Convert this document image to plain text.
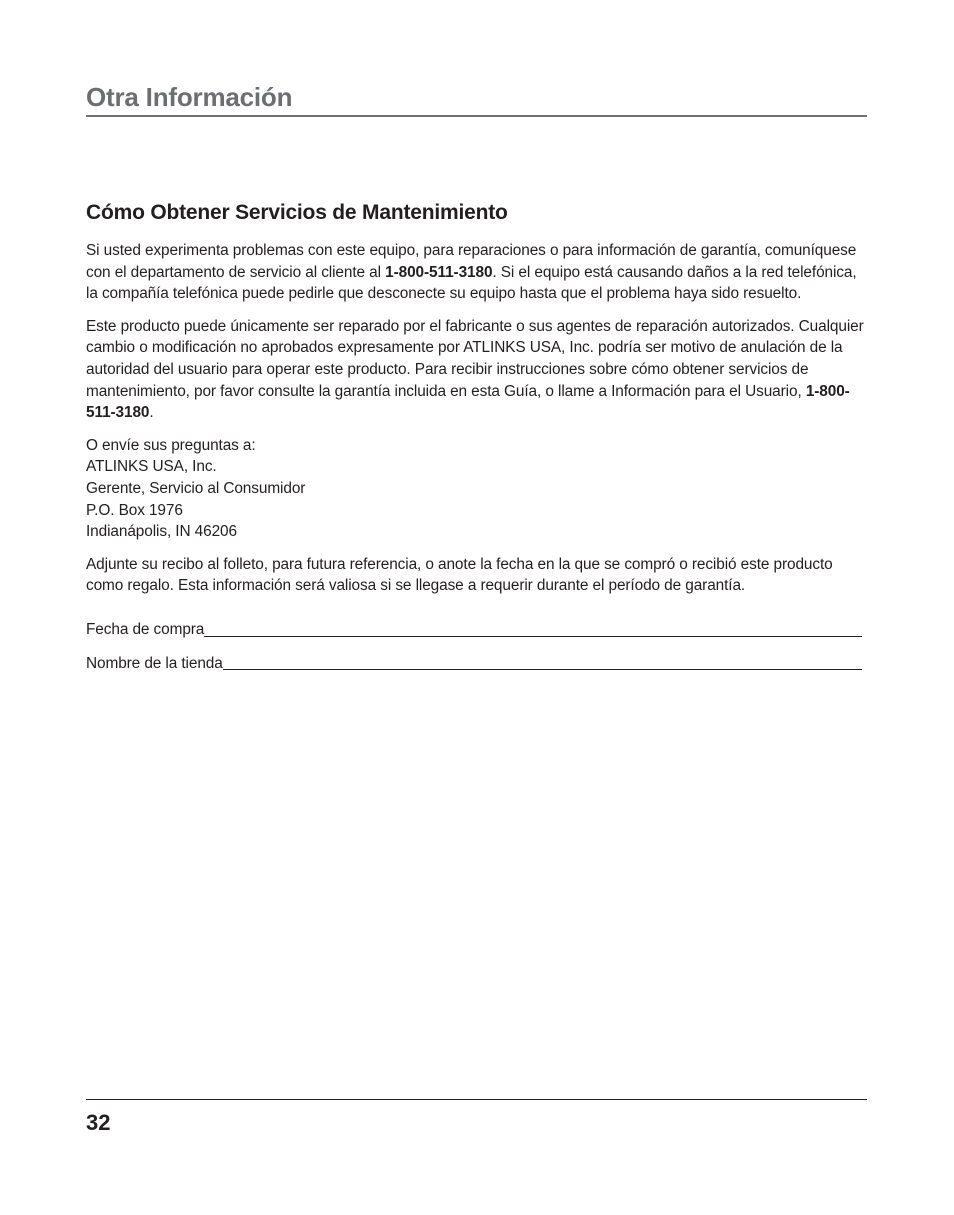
Otra Información
Cómo Obtener Servicios de Mantenimiento

Si usted experimenta problemas con este equipo, para reparaciones o para información de garantía, comuníquese con el departamento de servicio al cliente al 1-800-511-3180. Si el equipo está causando daños a la red telefónica, la compañía telefónica puede pedirle que desconecte su equipo hasta que el problema haya sido resuelto.

Este producto puede únicamente ser reparado por el fabricante o sus agentes de reparación autorizados. Cualquier cambio o modificación no aprobados expresamente por ATLINKS USA, Inc. podría ser motivo de anulación de la autoridad del usuario para operar este producto. Para recibir instrucciones sobre cómo obtener servicios de mantenimiento, por favor consulte la garantía incluida en esta Guía, o llame a Información para el Usuario, 1-800-511-3180.

O envíe sus preguntas a:
ATLINKS USA, Inc.
Gerente, Servicio al Consumidor
P.O. Box 1976
Indianápolis, IN 46206

Adjunte su recibo al folleto, para futura referencia, o anote la fecha en la que se compró o recibió este producto como regalo. Esta información será valiosa si se llegase a requerir durante el período de garantía.

Fecha de compra
Nombre de la tienda
32
